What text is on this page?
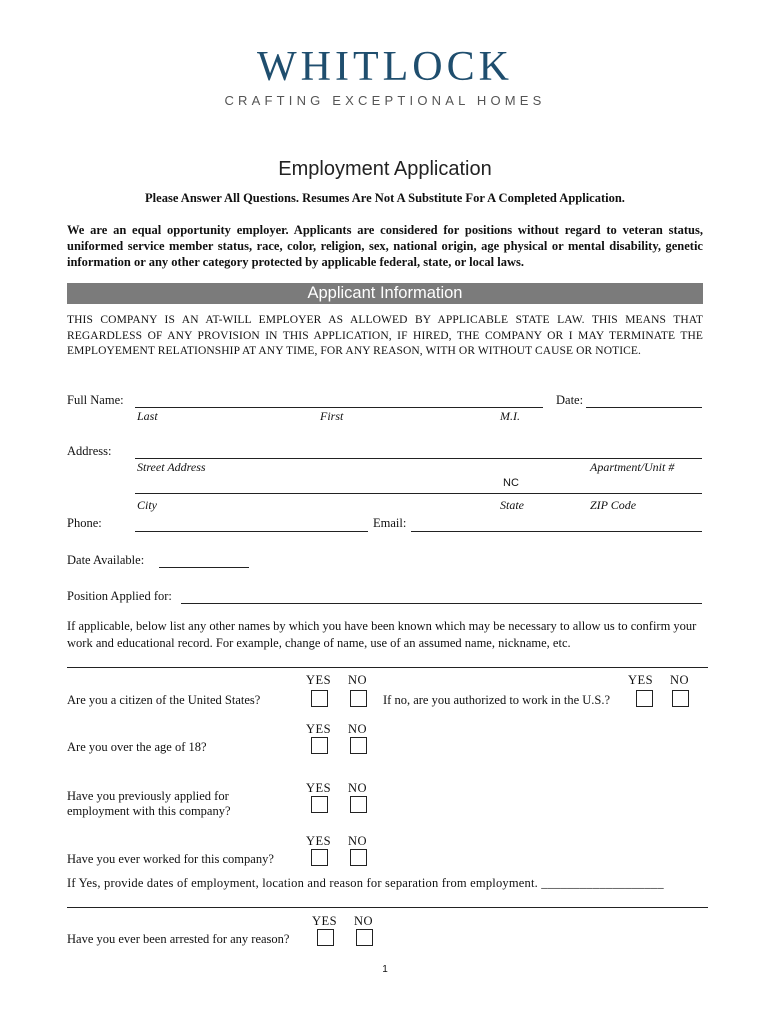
WHITLOCK
CRAFTING EXCEPTIONAL HOMES
Employment Application
Please Answer All Questions. Resumes Are Not A Substitute For A Completed Application.
We are an equal opportunity employer. Applicants are considered for positions without regard to veteran status, uniformed service member status, race, color, religion, sex, national origin, age physical or mental disability, genetic information or any other category protected by applicable federal, state, or local laws.
Applicant Information
THIS COMPANY IS AN AT-WILL EMPLOYER AS ALLOWED BY APPLICABLE STATE LAW. THIS MEANS THAT REGARDLESS OF ANY PROVISION IN THIS APPLICATION, IF HIRED, THE COMPANY OR I MAY TERMINATE THE EMPLOYEMENT RELATIONSHIP AT ANY TIME, FOR ANY REASON, WITH OR WITHOUT CAUSE OR NOTICE.
Full Name:	Date:
Last	First	M.I.
Address:
Street Address	Apartment/Unit #
NC
City	State	ZIP Code
Phone:	Email:
Date Available:
Position Applied for:
If applicable, below list any other names by which you have been known which may be necessary to allow us to confirm your work and educational record. For example, change of name, use of an assumed name, nickname, etc.
YES NO
Are you a citizen of the United States?
YES NO
If no, are you authorized to work in the U.S.?
YES NO
Are you over the age of 18?
YES NO
Have you previously applied for
employment with this company?
YES NO
Have you ever worked for this company?
If Yes, provide dates of employment, location and reason for separation from employment. ___________________
YES NO
Have you ever been arrested for any reason?
1
